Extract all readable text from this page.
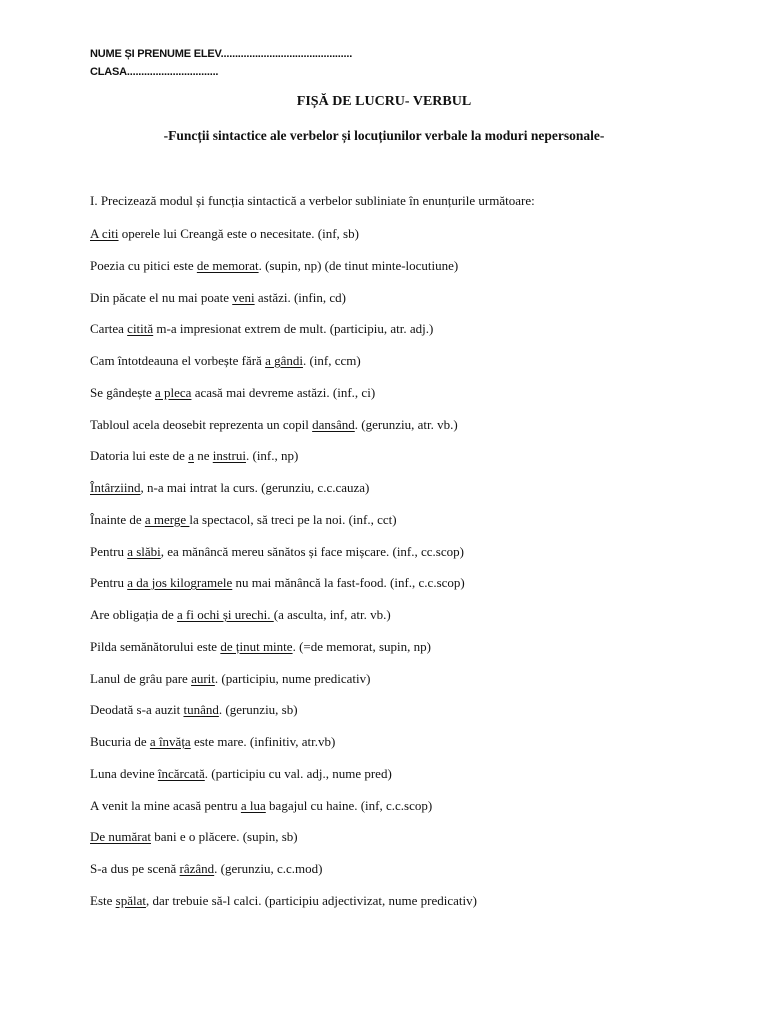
NUME ȘI PRENUME ELEV..............................................
CLASA................................
FIȘĂ DE LUCRU- VERBUL
-Funcții sintactice ale verbelor și locuțiunilor verbale la moduri nepersonale-
I. Precizează modul și funcția sintactică a verbelor subliniate în enunțurile următoare:
A citi operele lui Creangă este o necesitate. (inf, sb)
Poezia cu pitici este de memorat. (supin, np) (de tinut minte-locutiune)
Din păcate el nu mai poate veni astăzi. (infin, cd)
Cartea citită m-a impresionat extrem de mult. (participiu, atr. adj.)
Cam întotdeauna el vorbește fără a gândi. (inf, ccm)
Se gândește a pleca acasă mai devreme astăzi. (inf., ci)
Tabloul acela deosebit reprezenta un copil dansând. (gerunziu, atr. vb.)
Datoria lui este de a ne instrui. (inf., np)
Întârziind, n-a mai intrat la curs. (gerunziu, c.c.cauza)
Înainte de a merge la spectacol, să treci pe la noi. (inf., cct)
Pentru a slăbi, ea mănâncă mereu sănătos și face mișcare. (inf., cc.scop)
Pentru a da jos kilogramele nu mai mănâncă la fast-food. (inf., c.c.scop)
Are obligația de a fi ochi și urechi. (a asculta, inf, atr. vb.)
Pilda semănătorului este de ținut minte. (=de memorat, supin, np)
Lanul de grâu pare aurit. (participiu, nume predicativ)
Deodată s-a auzit tunând. (gerunziu, sb)
Bucuria de a învăța este mare. (infinitiv, atr.vb)
Luna devine încărcată. (participiu cu val. adj., nume pred)
A venit la mine acasă pentru a lua bagajul cu haine. (inf, c.c.scop)
De numărat bani e o plăcere. (supin, sb)
S-a dus pe scenă râzând. (gerunziu, c.c.mod)
Este spălat, dar trebuie să-l calci. (participiu adjectivizat, nume predicativ)
